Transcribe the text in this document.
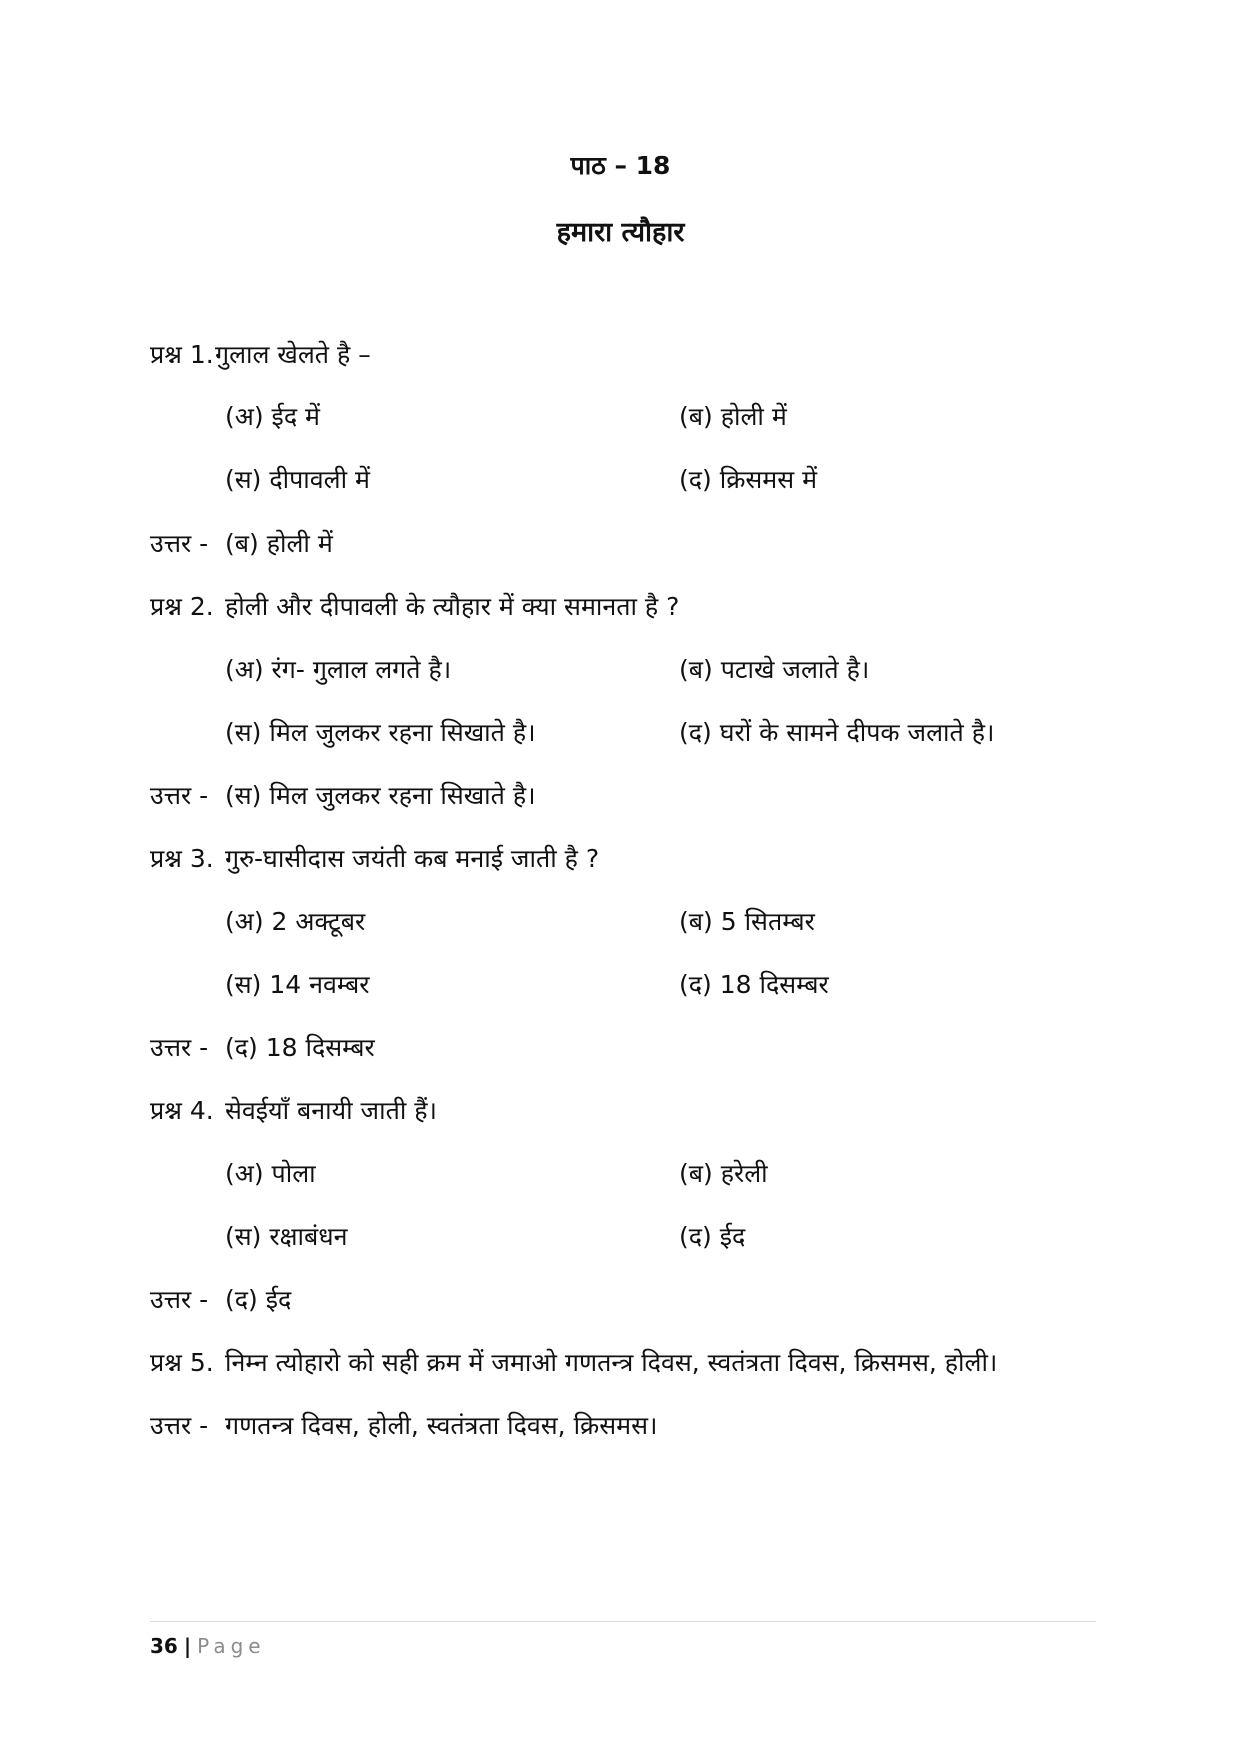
पाठ – 18
हमारा त्यौहार
प्रश्न 1. गुलाल खेलते है –
(अ) ईद में	(ब) होली में
(स) दीपावली में	(द) क्रिसमस में
उत्तर - (ब) होली में
प्रश्न 2. होली और दीपावली के त्यौहार में क्या समानता है ?
(अ) रंग- गुलाल लगते है।	(ब) पटाखे जलाते है।
(स) मिल जुलकर रहना सिखाते है।	(द) घरों के सामने दीपक जलाते है।
उत्तर - (स) मिल जुलकर रहना सिखाते है।
प्रश्न 3. गुरु-घासीदास जयंती कब मनाई जाती है ?
(अ) 2 अक्टूबर	(ब) 5 सितम्बर
(स) 14 नवम्बर	(द) 18 दिसम्बर
उत्तर - (द) 18 दिसम्बर
प्रश्न 4. सेवईयाँ बनायी जाती हैं।
(अ) पोला	(ब) हरेली
(स) रक्षाबंधन	(द) ईद
उत्तर - (द) ईद
प्रश्न 5. निम्न त्योहारो को सही क्रम में जमाओ गणतन्त्र दिवस, स्वतंत्रता दिवस, क्रिसमस, होली।
उत्तर - गणतन्त्र दिवस, होली, स्वतंत्रता दिवस, क्रिसमस।
36 | Page
